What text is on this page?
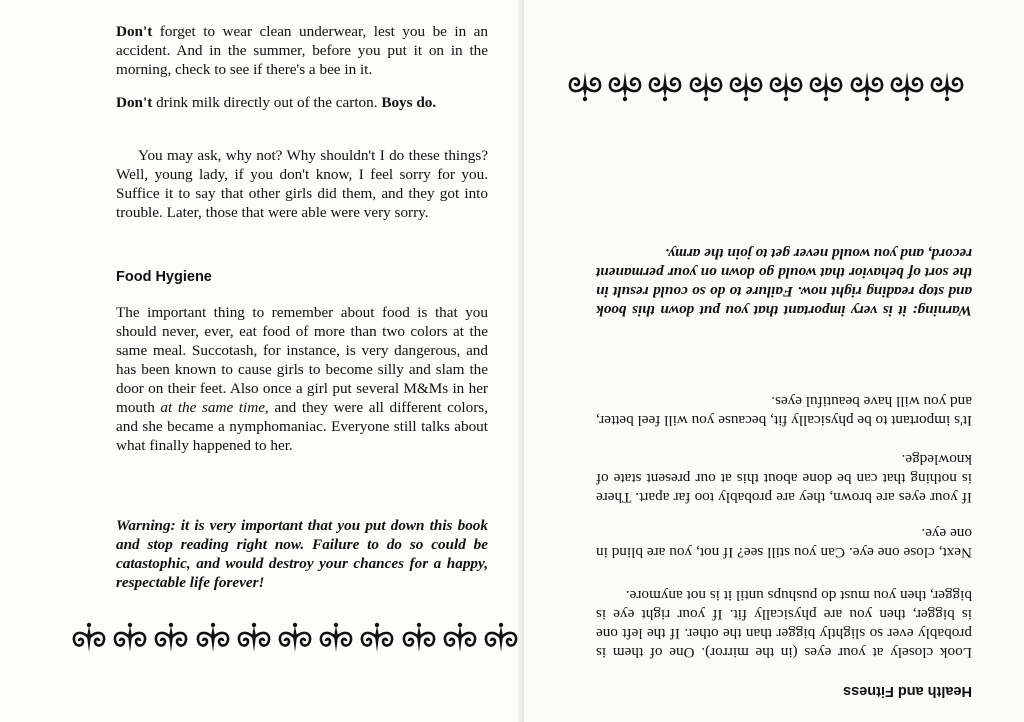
Don't forget to wear clean underwear, lest you be in an accident. And in the summer, before you put it on in the morning, check to see if there's a bee in it.

Don't drink milk directly out of the carton. Boys do.

You may ask, why not? Why shouldn't I do these things? Well, young lady, if you don't know, I feel sorry for you. Suffice it to say that other girls did them, and they got into trouble. Later, those that were able were very sorry.

Food Hygiene

The important thing to remember about food is that you should never, ever, eat food of more than two colors at the same meal. Succotash, for instance, is very dangerous, and has been known to cause girls to become silly and slam the door on their feet. Also once a girl put several M&Ms in her mouth at the same time, and they were all different colors, and she became a nymphomaniac. Everyone still talks about what finally happened to her.

Warning: it is very important that you put down this book and stop reading right now. Failure to do so could be catastophic, and would destroy your chances for a happy, respectable life forever!
Health and Fitness
Look closely at your eyes (in the mirror). One of them is probably ever so slightly bigger than the other. If the left one is bigger, then you are physically fit. If your right eye is bigger, then you must do pushups until it is not anymore.
Next, close one eye. Can you still see? If not, you are blind in one eye.
If your eyes are brown, they are probably too far apart. There is nothing that can be done about this at our present state of knowledge.
It's important to be physically fit, because you will feel better, and you will have beautiful eyes.
Warning: it is very important that you put down this book and stop reading right now. Failure to do so could result in the sort of behavior that would go down on your permanent record, and you would never get to join the army.
